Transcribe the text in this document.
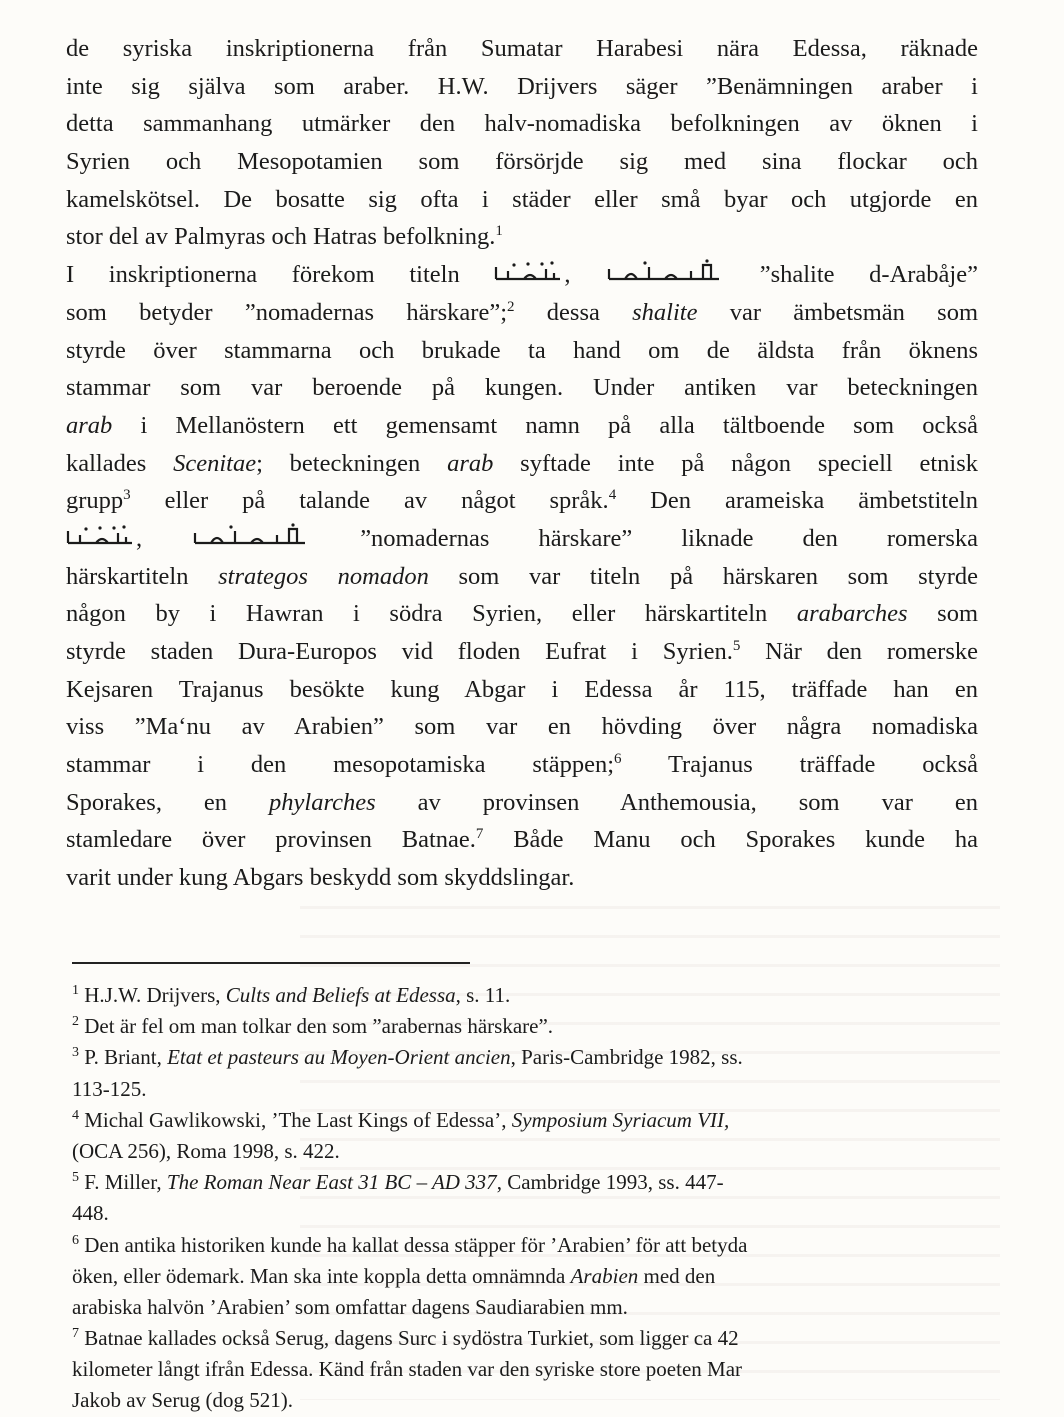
de syriska inskriptionerna från Sumatar Harabesi nära Edessa, räknade
inte sig själva som araber. H.W. Drijvers säger ”Benämningen araber i
detta sammanhang utmärker den halv-nomadiska befolkningen av öknen i
Syrien och Mesopotamien som försörjde sig med sina flockar och
kamelskötsel. De bosatte sig ofta i städer eller små byar och utgjorde en
stor del av Palmyras och Hatras befolkning.$^1$
I inskriptionerna förekom titeln	,	”shalite d-Arabåje”
som betyder ”nomadernas härskare”;$^2$ dessa shalite var ämbetsmän som
styrde över stammarna och brukade ta hand om de äldsta från öknens
stammar som var beroende på kungen. Under antiken var beteckningen
arab i Mellanöstern ett gemensamt namn på alla tältboende som också
kallades Scenitae; beteckningen arab syftade inte på någon speciell etnisk
grupp$^3$ eller på talande av något språk.$^4$ Den arameiska ämbetstiteln
,	”nomadernas härskare” liknade den romerska
härskartiteln strategos nomadon som var titeln på härskaren som styrde
någon by i Hawran i södra Syrien, eller härskartiteln arabarches som
styrde staden Dura-Europos vid floden Eufrat i Syrien.$^5$ När den romerske
Kejsaren Trajanus besökte kung Abgar i Edessa år 115, träffade han en
viss ”Ma‘nu av Arabien” som var en hövding över några nomadiska
stammar i den mesopotamiska stäppen;$^6$ Trajanus träffade också
Sporakes, en phylarches av provinsen Anthemousia, som var en
stamledare över provinsen Batnae.$^7$ Både Manu och Sporakes kunde ha
varit under kung Abgars beskydd som skyddslingar.
$^1$ H.J.W. Drijvers, Cults and Beliefs at Edessa, s. 11.
$^2$ Det är fel om man tolkar den som ”arabernas härskare”.
$^3$ P. Briant, Etat et pasteurs au Moyen-Orient ancien, Paris-Cambridge 1982, ss.
113-125.
$^4$ Michal Gawlikowski, ’The Last Kings of Edessa’, Symposium Syriacum VII,
(OCA 256), Roma 1998, s. 422.
$^5$ F. Miller, The Roman Near East 31 BC – AD 337, Cambridge 1993, ss. 447-
448.
$^6$ Den antika historiken kunde ha kallat dessa stäpper för ’Arabien’ för att betyda
öken, eller ödemark. Man ska inte koppla detta omnämnda Arabien med den
arabiska halvön ’Arabien’ som omfattar dagens Saudiarabien mm.
$^7$ Batnae kallades också Serug, dagens Surc i sydöstra Turkiet, som ligger ca 42
kilometer långt ifrån Edessa. Känd från staden var den syriske store poeten Mar
Jakob av Serug (dog 521).
